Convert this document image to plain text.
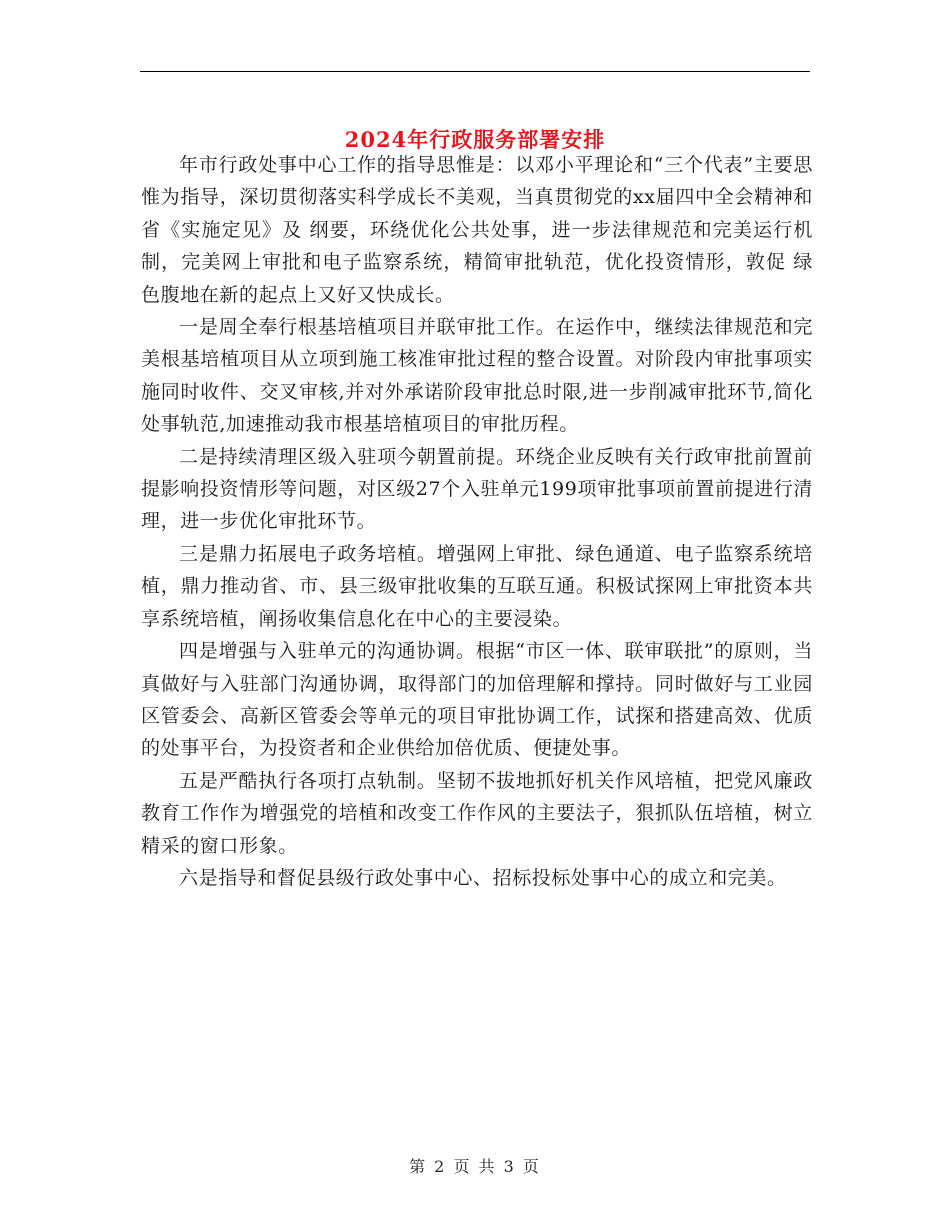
2024年行政服务部署安排

年市行政处事中心工作的指导思惟是：以邓小平理论和“三个代表”主要思惟为指导，深切贯彻落实科学成长不美观，当真贯彻党的xx届四中全会精神和省《实施定见》及 纲要，环绕优化公共处事，进一步法律规范和完美运行机制，完美网上审批和电子监察系统，精简审批轨范，优化投资情形，敦促 绿色腹地在新的起点上又好又快成长。

一是周全奉行根基培植项目并联审批工作。在运作中，继续法律规范和完美根基培植项目从立项到施工核准审批过程的整合设置。对阶段内审批事项实施同时收件、交叉审核,并对外承诺阶段审批总时限,进一步削减审批环节,简化处事轨范,加速推动我市根基培植项目的审批历程。

二是持续清理区级入驻项今朝置前提。环绕企业反映有关行政审批前置前提影响投资情形等问题，对区级27个入驻单元199项审批事项前置前提进行清理，进一步优化审批环节。

三是鼎力拓展电子政务培植。增强网上审批、绿色通道、电子监察系统培植，鼎力推动省、市、县三级审批收集的互联互通。积极试探网上审批资本共享系统培植，阐扬收集信息化在中心的主要浸染。

四是增强与入驻单元的沟通协调。根据“市区一体、联审联批”的原则，当真做好与入驻部门沟通协调，取得部门的加倍理解和撑持。同时做好与工业园区管委会、高新区管委会等单元的项目审批协调工作，试探和搭建高效、优质的处事平台，为投资者和企业供给加倍优质、便捷处事。

五是严酷执行各项打点轨制。坚韧不拔地抓好机关作风培植，把党风廉政教育工作作为增强党的培植和改变工作作风的主要法子，狠抓队伍培植，树立精采的窗口形象。

六是指导和督促县级行政处事中心、招标投标处事中心的成立和完美。

第 2 页 共 3 页
